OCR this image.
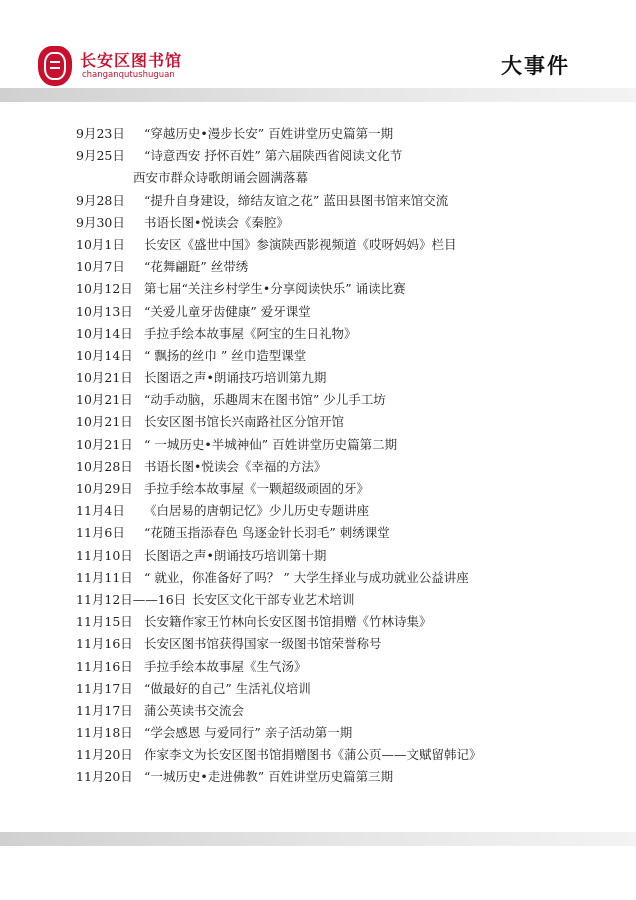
长安区图书馆
changanqutushuguan	大事件
9月23日 “穿越历史•漫步长安” 百姓讲堂历史篇第一期
9月25日 “诗意西安 抒怀百姓” 第六届陕西省阅读文化节
西安市群众诗歌朗诵会圆满落幕
9月28日 “提升自身建设，缔结友谊之花” 蓝田县图书馆来馆交流
9月30日 书语长图•悦读会《秦腔》
10月1日 长安区《盛世中国》参演陕西影视频道《哎呀妈妈》栏目
10月7日 “花舞翩跹” 丝带绣
10月12日 第七届“关注乡村学生•分享阅读快乐” 诵读比赛
10月13日 “关爱儿童牙齿健康” 爱牙课堂
10月14日 手拉手绘本故事屋《阿宝的生日礼物》
10月14日 “ 飘扬的丝巾 ” 丝巾造型课堂
10月21日 长图语之声•朗诵技巧培训第九期
10月21日 “动手动脑，乐趣周末在图书馆” 少儿手工坊
10月21日 长安区图书馆长兴南路社区分馆开馆
10月21日 “ 一城历史•半城神仙” 百姓讲堂历史篇第二期
10月28日 书语长图•悦读会《幸福的方法》
10月29日 手拉手绘本故事屋《一颗超级顽固的牙》
11月4日 《白居易的唐朝记忆》少儿历史专题讲座
11月6日 “花随玉指添春色 鸟逐金针长羽毛” 刺绣课堂
11月10日 长图语之声•朗诵技巧培训第十期
11月11日 “ 就业，你准备好了吗？ ” 大学生择业与成功就业公益讲座
11月12日——16日 长安区文化干部专业艺术培训
11月15日 长安籍作家王竹林向长安区图书馆捐赠《竹林诗集》
11月16日 长安区图书馆获得国家一级图书馆荣誉称号
11月16日 手拉手绘本故事屋《生气汤》
11月17日 “做最好的自己” 生活礼仪培训
11月17日 蒲公英读书交流会
11月18日 “学会感恩 与爱同行” 亲子活动第一期
11月20日 作家李文为长安区图书馆捐赠图书《蒲公页——文赋留韩记》
11月20日 “一城历史•走进佛教” 百姓讲堂历史篇第三期
